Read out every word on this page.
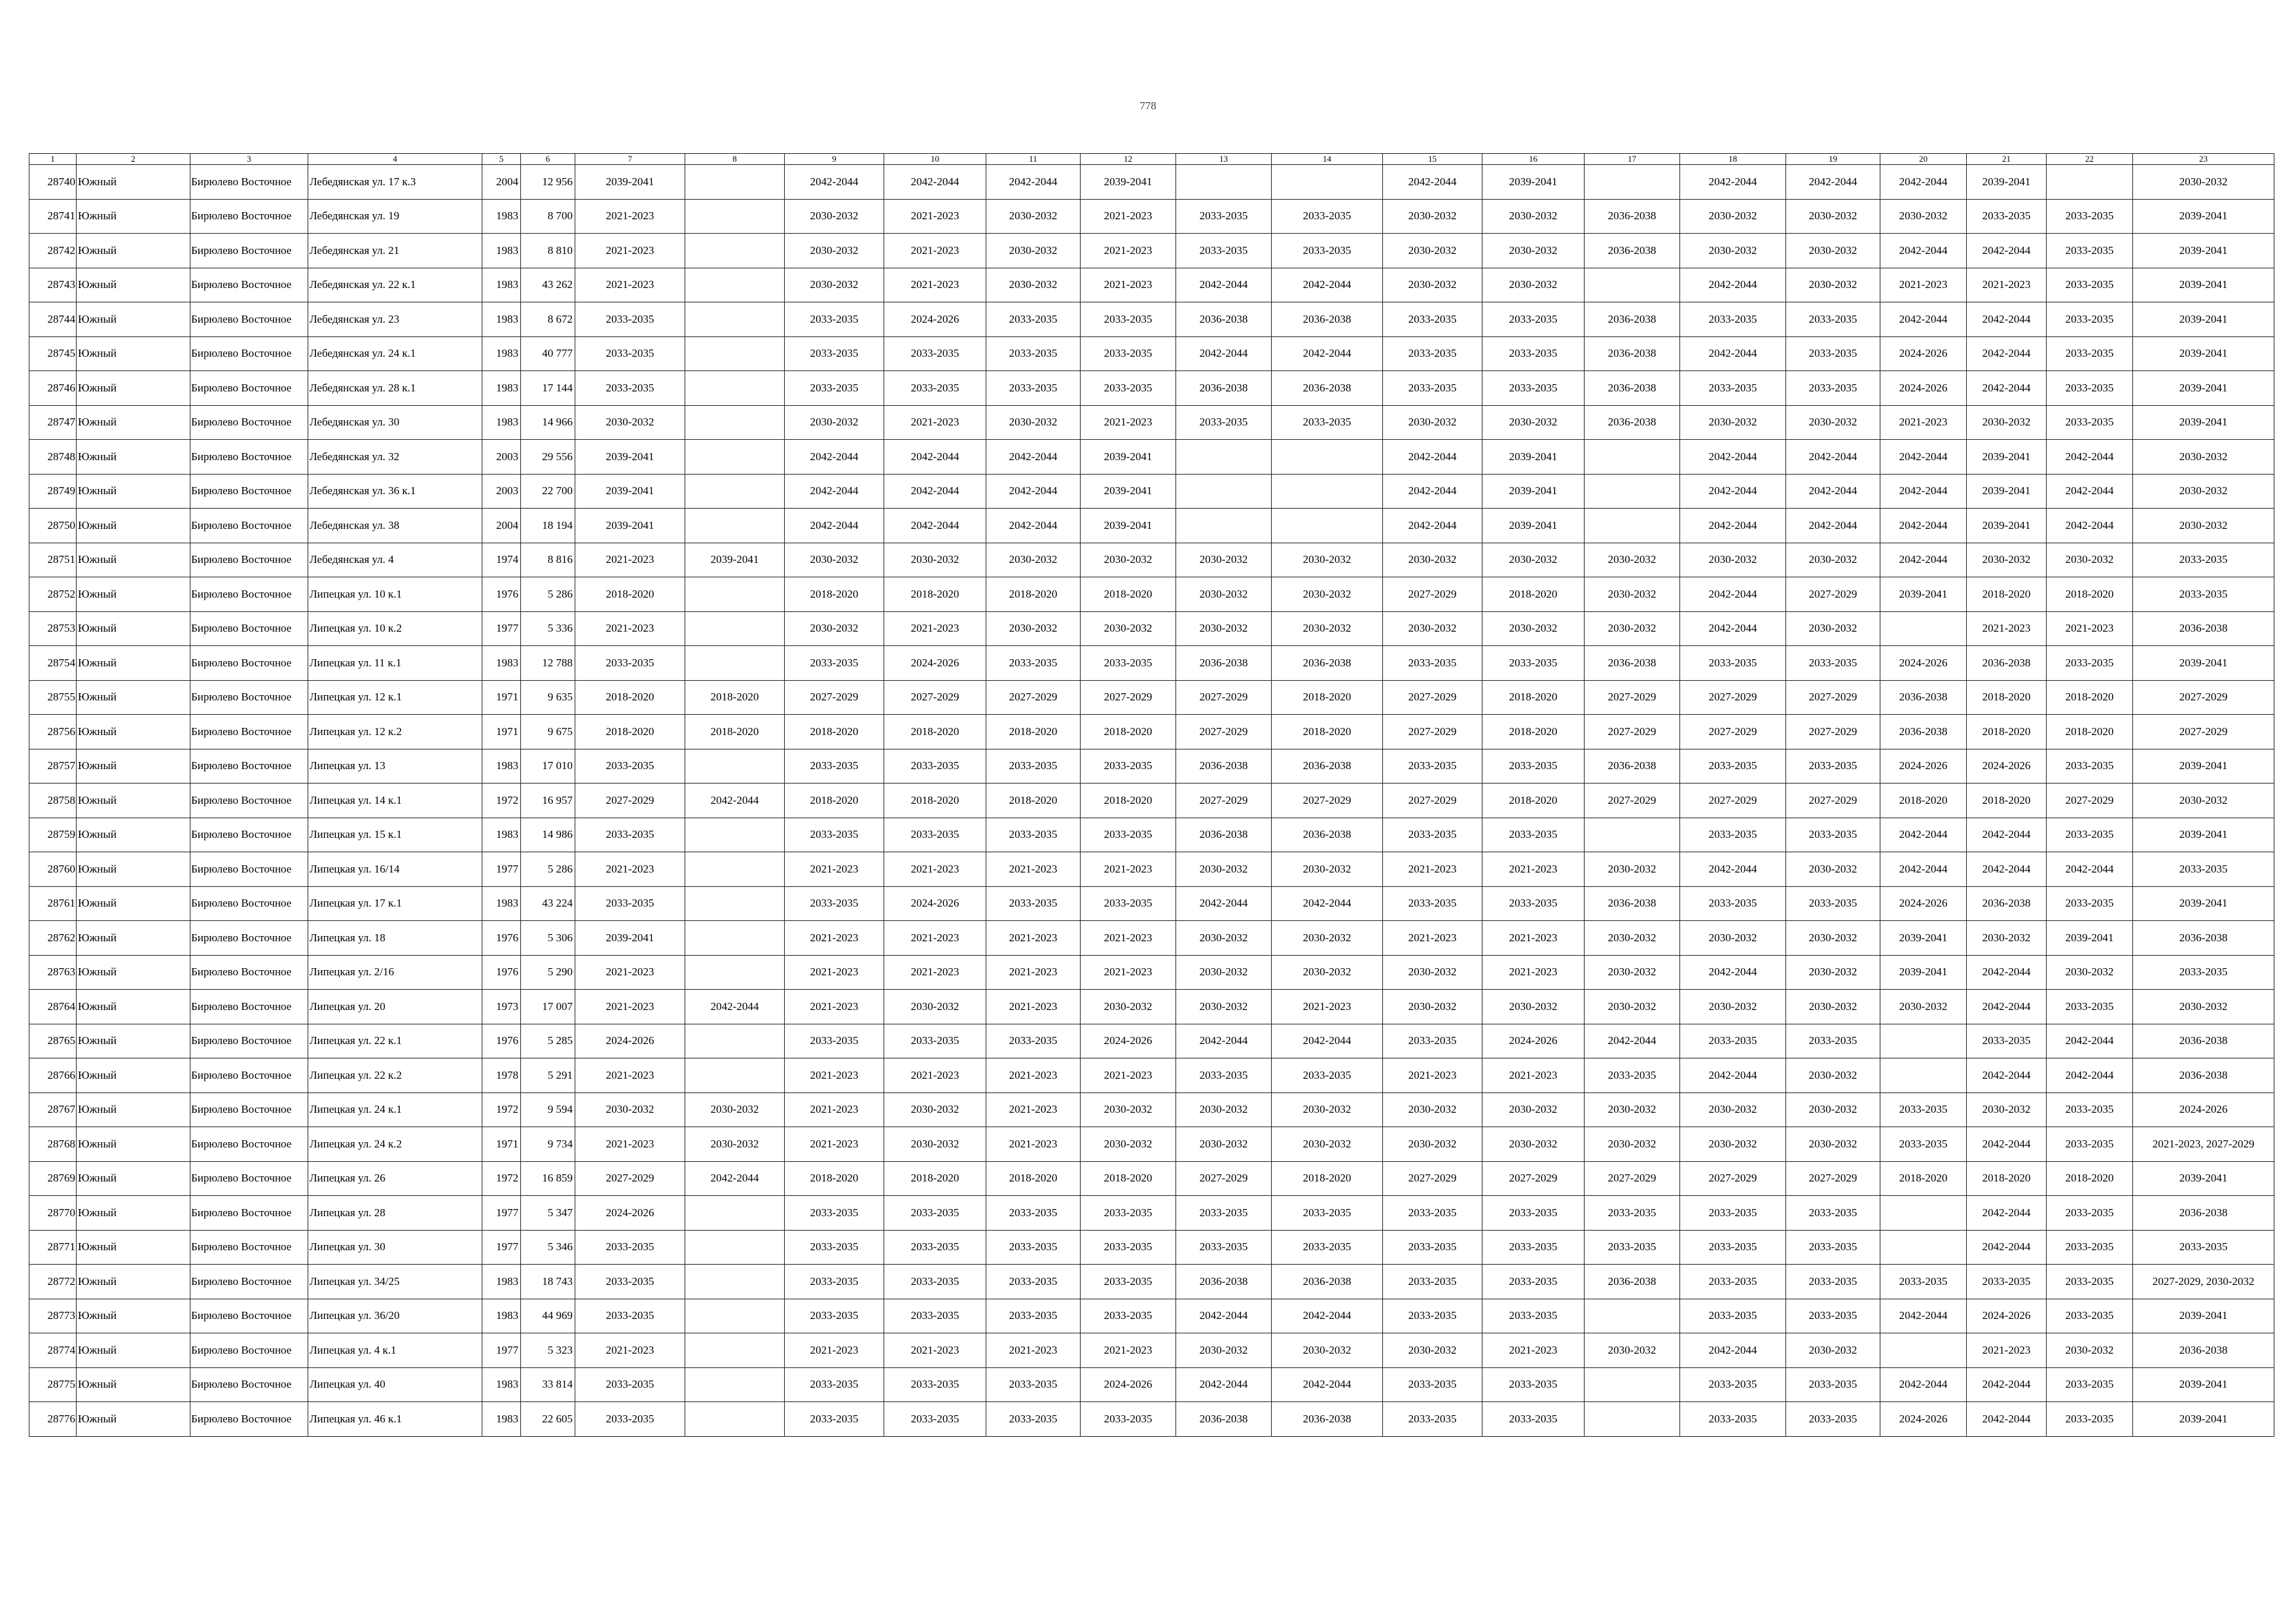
778
1	2	3	4	5	6	7	8	9	10	11	12	13	14	15	16	17	18	19	20	21	22	23
28740	Южный	Бирюлево Восточное	Лебедянская ул. 17 к.3	2004	12 956	2039-2041		2042-2044	2042-2044	2042-2044	2039-2041			2042-2044	2039-2041		2042-2044	2042-2044	2042-2044	2039-2041		2030-2032
28741	Южный	Бирюлево Восточное	Лебедянская ул. 19	1983	8 700	2021-2023		2030-2032	2021-2023	2030-2032	2021-2023	2033-2035	2033-2035	2030-2032	2030-2032	2036-2038	2030-2032	2030-2032	2030-2032	2033-2035	2033-2035	2039-2041
28742	Южный	Бирюлево Восточное	Лебедянская ул. 21	1983	8 810	2021-2023		2030-2032	2021-2023	2030-2032	2021-2023	2033-2035	2033-2035	2030-2032	2030-2032	2036-2038	2030-2032	2030-2032	2042-2044	2042-2044	2033-2035	2039-2041
28743	Южный	Бирюлево Восточное	Лебедянская ул. 22 к.1	1983	43 262	2021-2023		2030-2032	2021-2023	2030-2032	2021-2023	2042-2044	2042-2044	2030-2032	2030-2032		2042-2044	2030-2032	2021-2023	2021-2023	2033-2035	2039-2041
28744	Южный	Бирюлево Восточное	Лебедянская ул. 23	1983	8 672	2033-2035		2033-2035	2024-2026	2033-2035	2033-2035	2036-2038	2036-2038	2033-2035	2033-2035	2036-2038	2033-2035	2033-2035	2042-2044	2042-2044	2033-2035	2039-2041
28745	Южный	Бирюлево Восточное	Лебедянская ул. 24 к.1	1983	40 777	2033-2035		2033-2035	2033-2035	2033-2035	2033-2035	2042-2044	2042-2044	2033-2035	2033-2035	2036-2038	2042-2044	2033-2035	2024-2026	2042-2044	2033-2035	2039-2041
28746	Южный	Бирюлево Восточное	Лебедянская ул. 28 к.1	1983	17 144	2033-2035		2033-2035	2033-2035	2033-2035	2033-2035	2036-2038	2036-2038	2033-2035	2033-2035	2036-2038	2033-2035	2033-2035	2024-2026	2042-2044	2033-2035	2039-2041
28747	Южный	Бирюлево Восточное	Лебедянская ул. 30	1983	14 966	2030-2032		2030-2032	2021-2023	2030-2032	2021-2023	2033-2035	2033-2035	2030-2032	2030-2032	2036-2038	2030-2032	2030-2032	2021-2023	2030-2032	2033-2035	2039-2041
28748	Южный	Бирюлево Восточное	Лебедянская ул. 32	2003	29 556	2039-2041		2042-2044	2042-2044	2042-2044	2039-2041			2042-2044	2039-2041		2042-2044	2042-2044	2042-2044	2039-2041	2042-2044	2030-2032
28749	Южный	Бирюлево Восточное	Лебедянская ул. 36 к.1	2003	22 700	2039-2041		2042-2044	2042-2044	2042-2044	2039-2041			2042-2044	2039-2041		2042-2044	2042-2044	2042-2044	2039-2041	2042-2044	2030-2032
28750	Южный	Бирюлево Восточное	Лебедянская ул. 38	2004	18 194	2039-2041		2042-2044	2042-2044	2042-2044	2039-2041			2042-2044	2039-2041		2042-2044	2042-2044	2042-2044	2039-2041	2042-2044	2030-2032
28751	Южный	Бирюлево Восточное	Лебедянская ул. 4	1974	8 816	2021-2023	2039-2041	2030-2032	2030-2032	2030-2032	2030-2032	2030-2032	2030-2032	2030-2032	2030-2032	2030-2032	2030-2032	2030-2032	2042-2044	2030-2032	2030-2032	2033-2035
28752	Южный	Бирюлево Восточное	Липецкая ул. 10 к.1	1976	5 286	2018-2020		2018-2020	2018-2020	2018-2020	2018-2020	2030-2032	2030-2032	2027-2029	2018-2020	2030-2032	2042-2044	2027-2029	2039-2041	2018-2020	2018-2020	2033-2035
28753	Южный	Бирюлево Восточное	Липецкая ул. 10 к.2	1977	5 336	2021-2023		2030-2032	2021-2023	2030-2032	2030-2032	2030-2032	2030-2032	2030-2032	2030-2032	2030-2032	2042-2044	2030-2032		2021-2023	2021-2023	2036-2038
28754	Южный	Бирюлево Восточное	Липецкая ул. 11 к.1	1983	12 788	2033-2035		2033-2035	2024-2026	2033-2035	2033-2035	2036-2038	2036-2038	2033-2035	2033-2035	2036-2038	2033-2035	2033-2035	2024-2026	2036-2038	2033-2035	2039-2041
28755	Южный	Бирюлево Восточное	Липецкая ул. 12 к.1	1971	9 635	2018-2020	2018-2020	2027-2029	2027-2029	2027-2029	2027-2029	2027-2029	2018-2020	2027-2029	2018-2020	2027-2029	2027-2029	2027-2029	2036-2038	2018-2020	2018-2020	2027-2029
28756	Южный	Бирюлево Восточное	Липецкая ул. 12 к.2	1971	9 675	2018-2020	2018-2020	2018-2020	2018-2020	2018-2020	2018-2020	2027-2029	2018-2020	2027-2029	2018-2020	2027-2029	2027-2029	2027-2029	2036-2038	2018-2020	2018-2020	2027-2029
28757	Южный	Бирюлево Восточное	Липецкая ул. 13	1983	17 010	2033-2035		2033-2035	2033-2035	2033-2035	2033-2035	2036-2038	2036-2038	2033-2035	2033-2035	2036-2038	2033-2035	2033-2035	2024-2026	2024-2026	2033-2035	2039-2041
28758	Южный	Бирюлево Восточное	Липецкая ул. 14 к.1	1972	16 957	2027-2029	2042-2044	2018-2020	2018-2020	2018-2020	2018-2020	2027-2029	2027-2029	2027-2029	2018-2020	2027-2029	2027-2029	2027-2029	2018-2020	2018-2020	2027-2029	2030-2032
28759	Южный	Бирюлево Восточное	Липецкая ул. 15 к.1	1983	14 986	2033-2035		2033-2035	2033-2035	2033-2035	2033-2035	2036-2038	2036-2038	2033-2035	2033-2035		2033-2035	2033-2035	2042-2044	2042-2044	2033-2035	2039-2041
28760	Южный	Бирюлево Восточное	Липецкая ул. 16/14	1977	5 286	2021-2023		2021-2023	2021-2023	2021-2023	2021-2023	2030-2032	2030-2032	2021-2023	2021-2023	2030-2032	2042-2044	2030-2032	2042-2044	2042-2044	2042-2044	2033-2035
28761	Южный	Бирюлево Восточное	Липецкая ул. 17 к.1	1983	43 224	2033-2035		2033-2035	2024-2026	2033-2035	2033-2035	2042-2044	2042-2044	2033-2035	2033-2035	2036-2038	2033-2035	2033-2035	2024-2026	2036-2038	2033-2035	2039-2041
28762	Южный	Бирюлево Восточное	Липецкая ул. 18	1976	5 306	2039-2041		2021-2023	2021-2023	2021-2023	2021-2023	2030-2032	2030-2032	2021-2023	2021-2023	2030-2032	2030-2032	2030-2032	2039-2041	2030-2032	2039-2041	2036-2038
28763	Южный	Бирюлево Восточное	Липецкая ул. 2/16	1976	5 290	2021-2023		2021-2023	2021-2023	2021-2023	2021-2023	2030-2032	2030-2032	2030-2032	2021-2023	2030-2032	2042-2044	2030-2032	2039-2041	2042-2044	2030-2032	2033-2035
28764	Южный	Бирюлево Восточное	Липецкая ул. 20	1973	17 007	2021-2023	2042-2044	2021-2023	2030-2032	2021-2023	2030-2032	2030-2032	2021-2023	2030-2032	2030-2032	2030-2032	2030-2032	2030-2032	2030-2032	2042-2044	2033-2035	2030-2032
28765	Южный	Бирюлево Восточное	Липецкая ул. 22 к.1	1976	5 285	2024-2026		2033-2035	2033-2035	2033-2035	2024-2026	2042-2044	2042-2044	2033-2035	2024-2026	2042-2044	2033-2035	2033-2035		2033-2035	2042-2044	2036-2038
28766	Южный	Бирюлево Восточное	Липецкая ул. 22 к.2	1978	5 291	2021-2023		2021-2023	2021-2023	2021-2023	2021-2023	2033-2035	2033-2035	2021-2023	2021-2023	2033-2035	2042-2044	2030-2032		2042-2044	2042-2044	2036-2038
28767	Южный	Бирюлево Восточное	Липецкая ул. 24 к.1	1972	9 594	2030-2032	2030-2032	2021-2023	2030-2032	2021-2023	2030-2032	2030-2032	2030-2032	2030-2032	2030-2032	2030-2032	2030-2032	2030-2032	2033-2035	2030-2032	2033-2035	2024-2026
28768	Южный	Бирюлево Восточное	Липецкая ул. 24 к.2	1971	9 734	2021-2023	2030-2032	2021-2023	2030-2032	2021-2023	2030-2032	2030-2032	2030-2032	2030-2032	2030-2032	2030-2032	2030-2032	2030-2032	2033-2035	2042-2044	2033-2035	2021-2023, 2027-2029
28769	Южный	Бирюлево Восточное	Липецкая ул. 26	1972	16 859	2027-2029	2042-2044	2018-2020	2018-2020	2018-2020	2018-2020	2027-2029	2018-2020	2027-2029	2027-2029	2027-2029	2027-2029	2027-2029	2018-2020	2018-2020	2018-2020	2039-2041
28770	Южный	Бирюлево Восточное	Липецкая ул. 28	1977	5 347	2024-2026		2033-2035	2033-2035	2033-2035	2033-2035	2033-2035	2033-2035	2033-2035	2033-2035	2033-2035	2033-2035	2033-2035		2042-2044	2033-2035	2036-2038
28771	Южный	Бирюлево Восточное	Липецкая ул. 30	1977	5 346	2033-2035		2033-2035	2033-2035	2033-2035	2033-2035	2033-2035	2033-2035	2033-2035	2033-2035	2033-2035	2033-2035	2033-2035		2042-2044	2033-2035	2033-2035
28772	Южный	Бирюлево Восточное	Липецкая ул. 34/25	1983	18 743	2033-2035		2033-2035	2033-2035	2033-2035	2033-2035	2036-2038	2036-2038	2033-2035	2033-2035	2036-2038	2033-2035	2033-2035	2033-2035	2033-2035	2033-2035	2027-2029, 2030-2032
28773	Южный	Бирюлево Восточное	Липецкая ул. 36/20	1983	44 969	2033-2035		2033-2035	2033-2035	2033-2035	2033-2035	2042-2044	2042-2044	2033-2035	2033-2035		2033-2035	2033-2035	2042-2044	2024-2026	2033-2035	2039-2041
28774	Южный	Бирюлево Восточное	Липецкая ул. 4 к.1	1977	5 323	2021-2023		2021-2023	2021-2023	2021-2023	2021-2023	2030-2032	2030-2032	2030-2032	2021-2023	2030-2032	2042-2044	2030-2032		2021-2023	2030-2032	2036-2038
28775	Южный	Бирюлево Восточное	Липецкая ул. 40	1983	33 814	2033-2035		2033-2035	2033-2035	2033-2035	2024-2026	2042-2044	2042-2044	2033-2035	2033-2035		2033-2035	2033-2035	2042-2044	2042-2044	2033-2035	2039-2041
28776	Южный	Бирюлево Восточное	Липецкая ул. 46 к.1	1983	22 605	2033-2035		2033-2035	2033-2035	2033-2035	2033-2035	2036-2038	2036-2038	2033-2035	2033-2035		2033-2035	2033-2035	2024-2026	2042-2044	2033-2035	2039-2041
